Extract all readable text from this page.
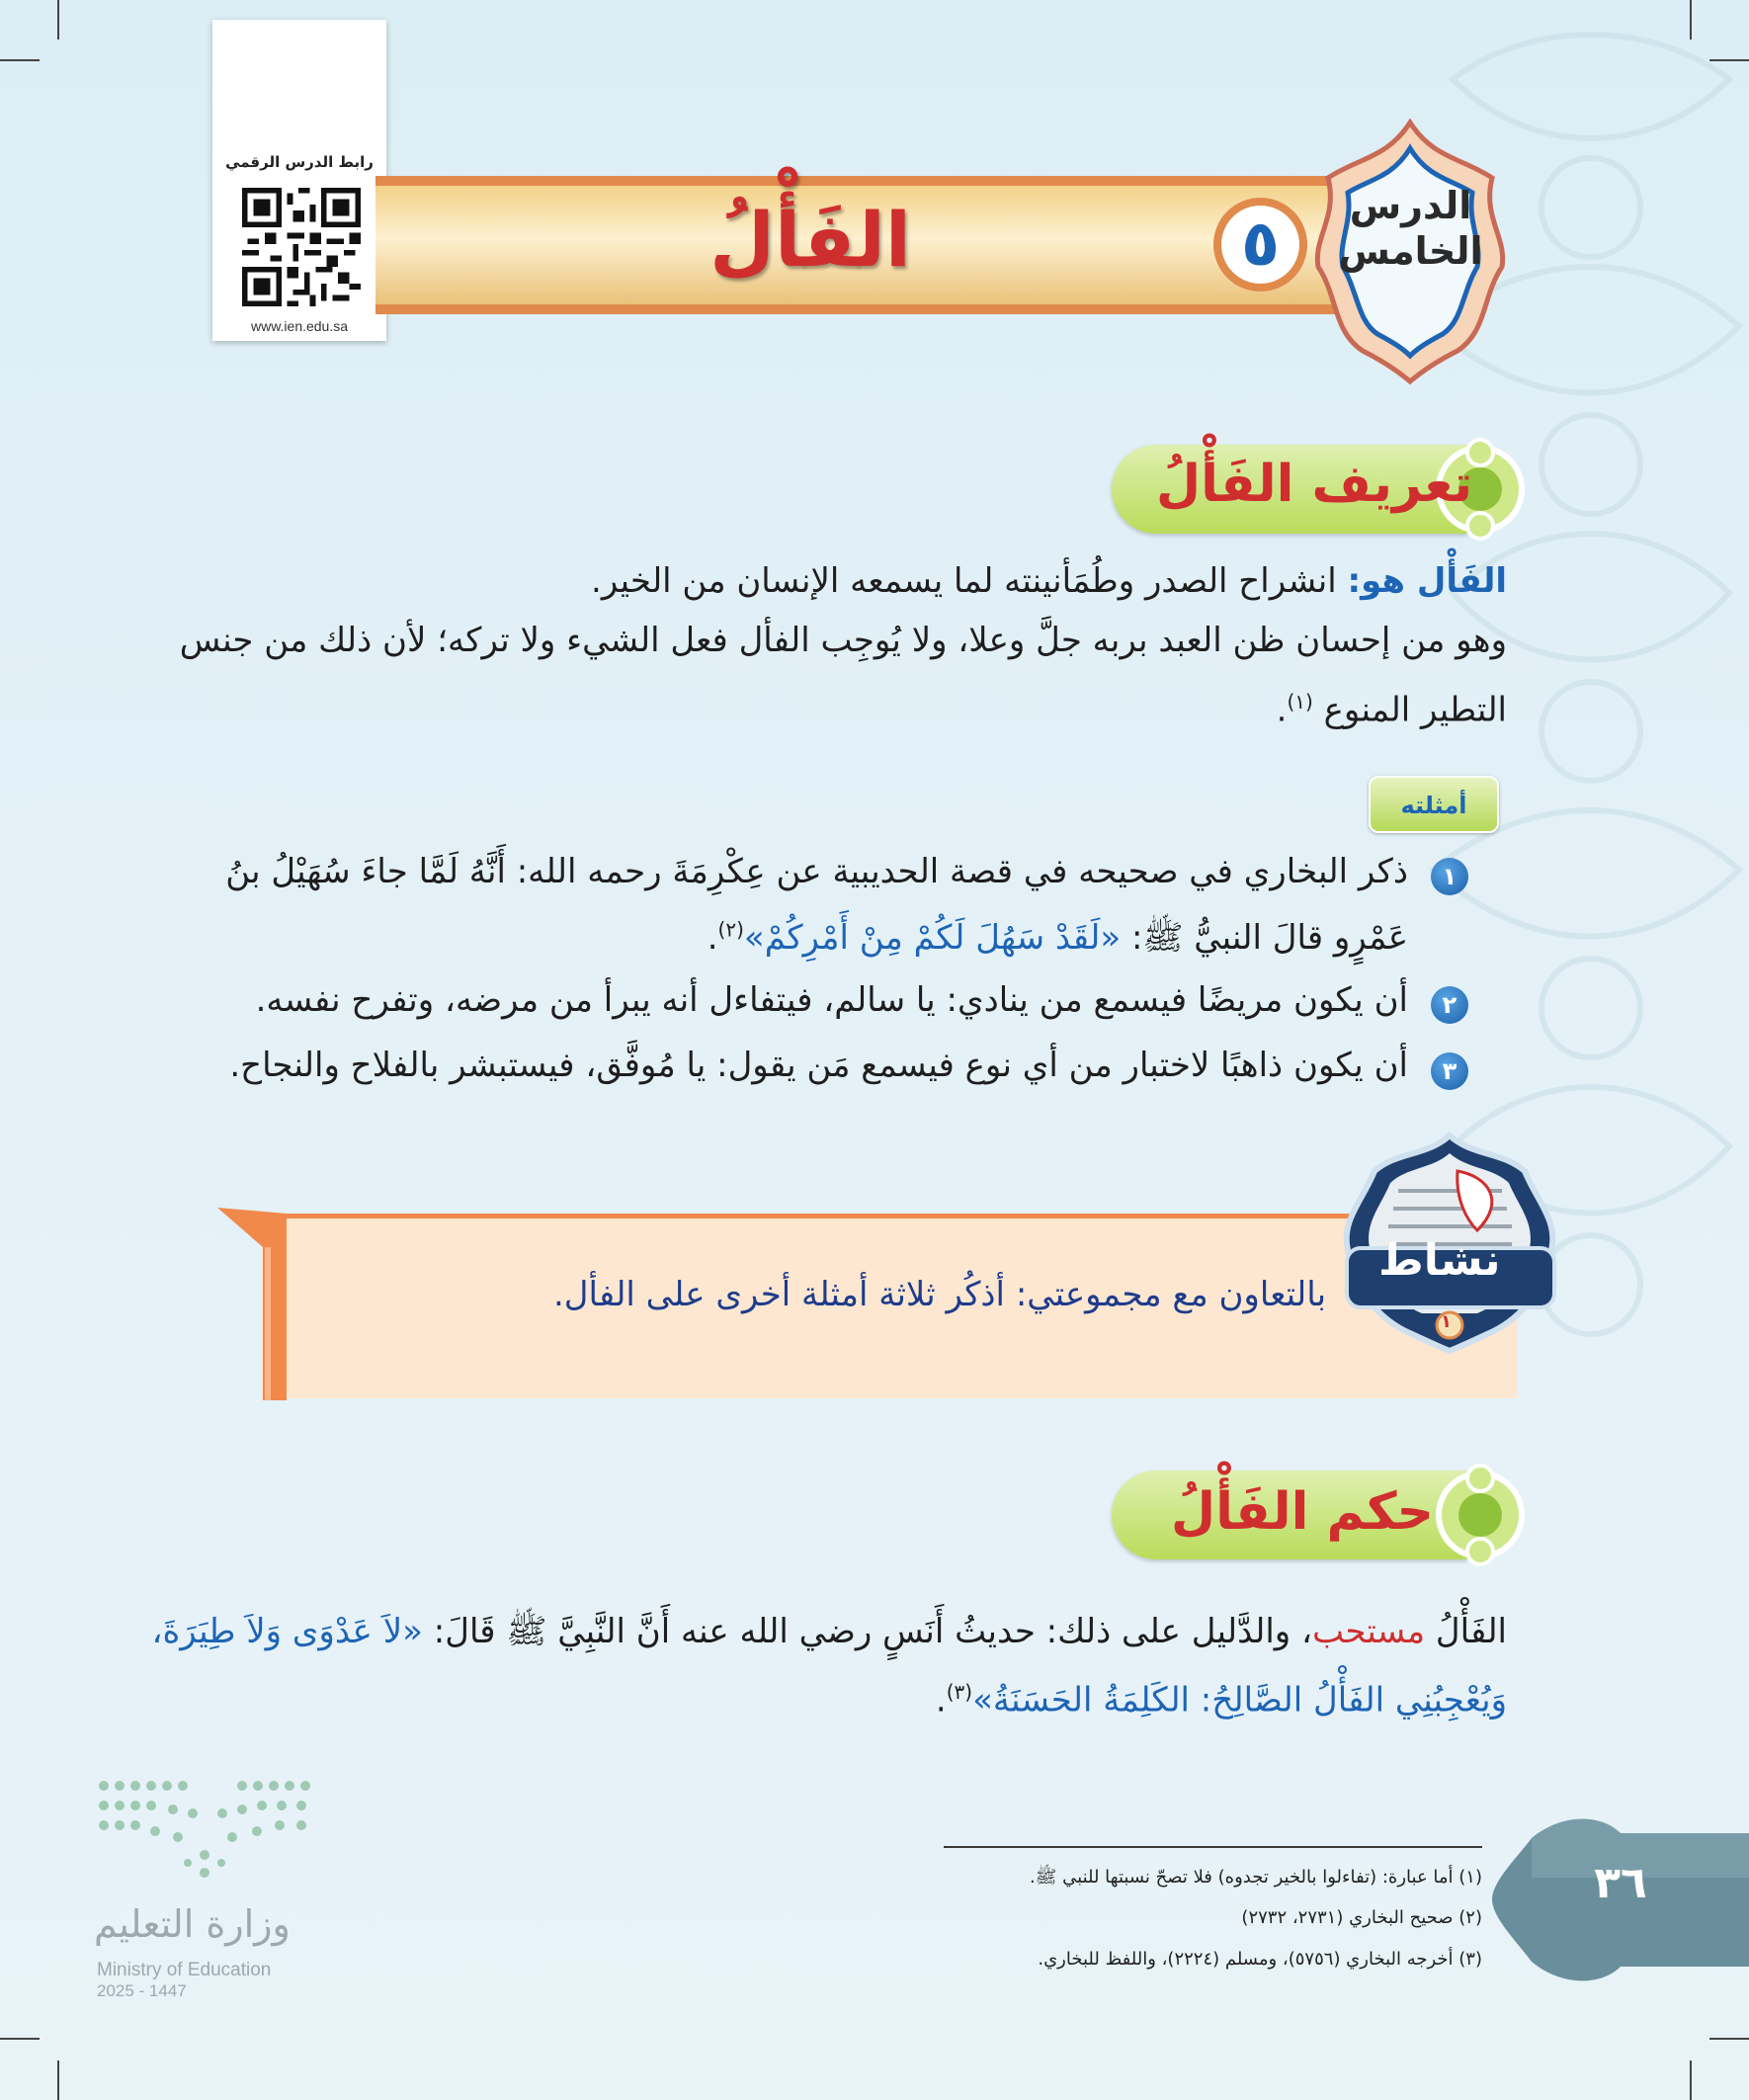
رابط الدرس الرقمي
www.ien.edu.sa
الفَأْلُ	٥
الدرس الخامس
تعريف الفَأْلُ
الفَأْل هو: انشراح الصدر وطُمَأنينته لما يسمعه الإنسان من الخير.
وهو من إحسان ظن العبد بربه جلَّ وعلا، ولا يُوجِب الفأل فعل الشيء ولا تركه؛ لأن ذلك من جنس
التطير المنوع $^{(١)}$.
أمثلته
١
ذكر البخاري في صحيحه في قصة الحديبية عن عِكْرِمَةَ رحمه الله: أَنَّهُ لَمَّا جاءَ سُهَيْلُ بنُ
عَمْرٍو قالَ النبيُّ ﷺ: «لَقَدْ سَهُلَ لَكُمْ مِنْ أَمْرِكُمْ»$^{(٢)}$.
٢
أن يكون مريضًا فيسمع من ينادي: يا سالم، فيتفاءل أنه يبرأ من مرضه، وتفرح نفسه.
٣
أن يكون ذاهبًا لاختبار من أي نوع فيسمع مَن يقول: يا مُوفَّق، فيستبشر بالفلاح والنجاح.
نشاط
١
بالتعاون مع مجموعتي: أذكُر ثلاثة أمثلة أخرى على الفأل.
حكم الفَأْلُ
الفَأْلُ مستحب، والدَّليل على ذلك: حديثُ أَنَسٍ رضي الله عنه أَنَّ النَّبِيَّ ﷺ قَالَ: «لاَ عَدْوَى وَلاَ طِيَرَةَ،
وَيُعْجِبُنِي الفَأْلُ الصَّالِحُ: الكَلِمَةُ الحَسَنَةُ»$^{(٣)}$.
(١) أما عبارة: (تفاءلوا بالخير تجدوه) فلا تصحّ نسبتها للنبي ﷺ.
(٢) صحيح البخاري (٢٧٣١، ٢٧٣٢)
(٣) أخرجه البخاري (٥٧٥٦)، ومسلم (٢٢٢٤)، واللفظ للبخاري.
٣٦
وزارة التعليم
Ministry of Education
2025 - 1447
